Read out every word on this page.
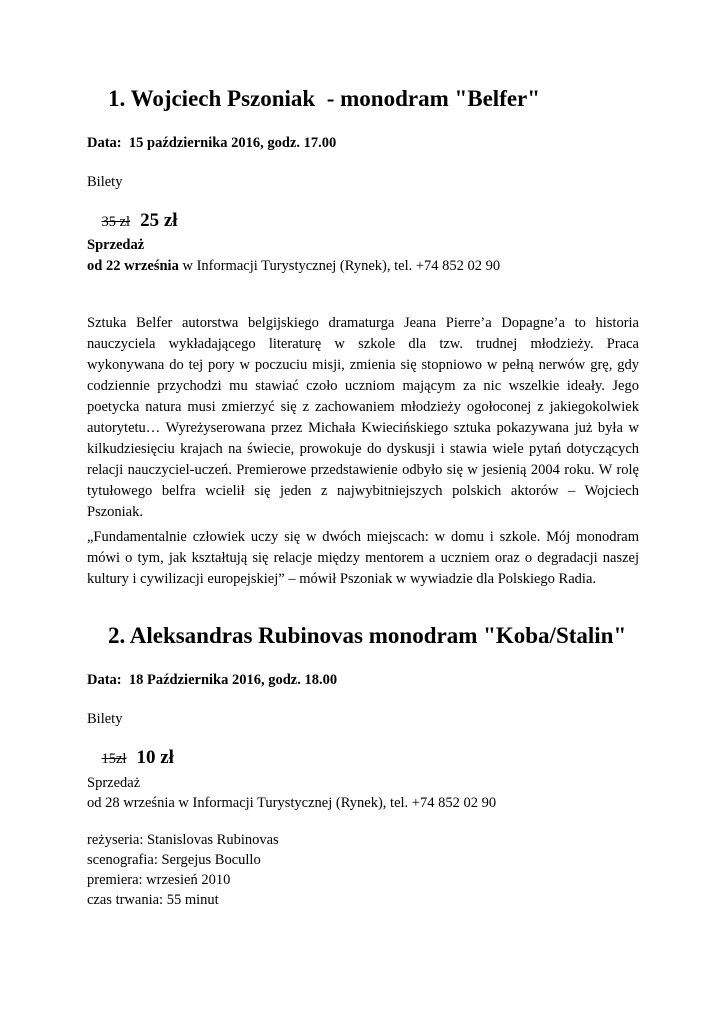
1. Wojciech Pszoniak  - monodram "Belfer"
Data:  15 października 2016, godz. 17.00
Bilety

35 zł 25 zł

Sprzedaż
od 22 września w Informacji Turystycznej (Rynek), tel. +74 852 02 90
Sztuka Belfer autorstwa belgijskiego dramaturga Jeana Pierre’a Dopagne’a to historia
nauczyciela wykładającego literaturę w szkole dla tzw. trudnej młodzieży. Praca
wykonywana do tej pory w poczuciu misji, zmienia się stopniowo w pełną nerwów grę, gdy
codziennie przychodzi mu stawiać czoło uczniom mającym za nic wszelkie ideały. Jego
poetycka natura musi zmierzyć się z zachowaniem młodzieży ogołoconej z jakiegokolwiek
autorytetu… Wyreżyserowana przez Michała Kwiecińskiego sztuka pokazywana już była w
kilkudziesięciu krajach na świecie, prowokuje do dyskusji i stawia wiele pytań dotyczących
relacji nauczyciel-uczeń. Premierowe przedstawienie odbyło się w jesienią 2004 roku. W rolę
tytułowego belfra wcielił się jeden z najwybitniejszych polskich aktorów – Wojciech
Pszoniak.
„Fundamentalnie człowiek uczy się w dwóch miejscach: w domu i szkole. Mój monodram
mówi o tym, jak kształtują się relacje między mentorem a uczniem oraz o degradacji naszej
kultury i cywilizacji europejskiej” – mówił Pszoniak w wywiadzie dla Polskiego Radia.
2. Aleksandras Rubinovas monodram "Koba/Stalin"
Data:  18 Października 2016, godz. 18.00
Bilety

15zł 10 zł

Sprzedaż
od 28 września w Informacji Turystycznej (Rynek), tel. +74 852 02 90
reżyseria: Stanislovas Rubinovas
scenografia: Sergejus Bocullo
premiera: wrzesień 2010
czas trwania: 55 minut
